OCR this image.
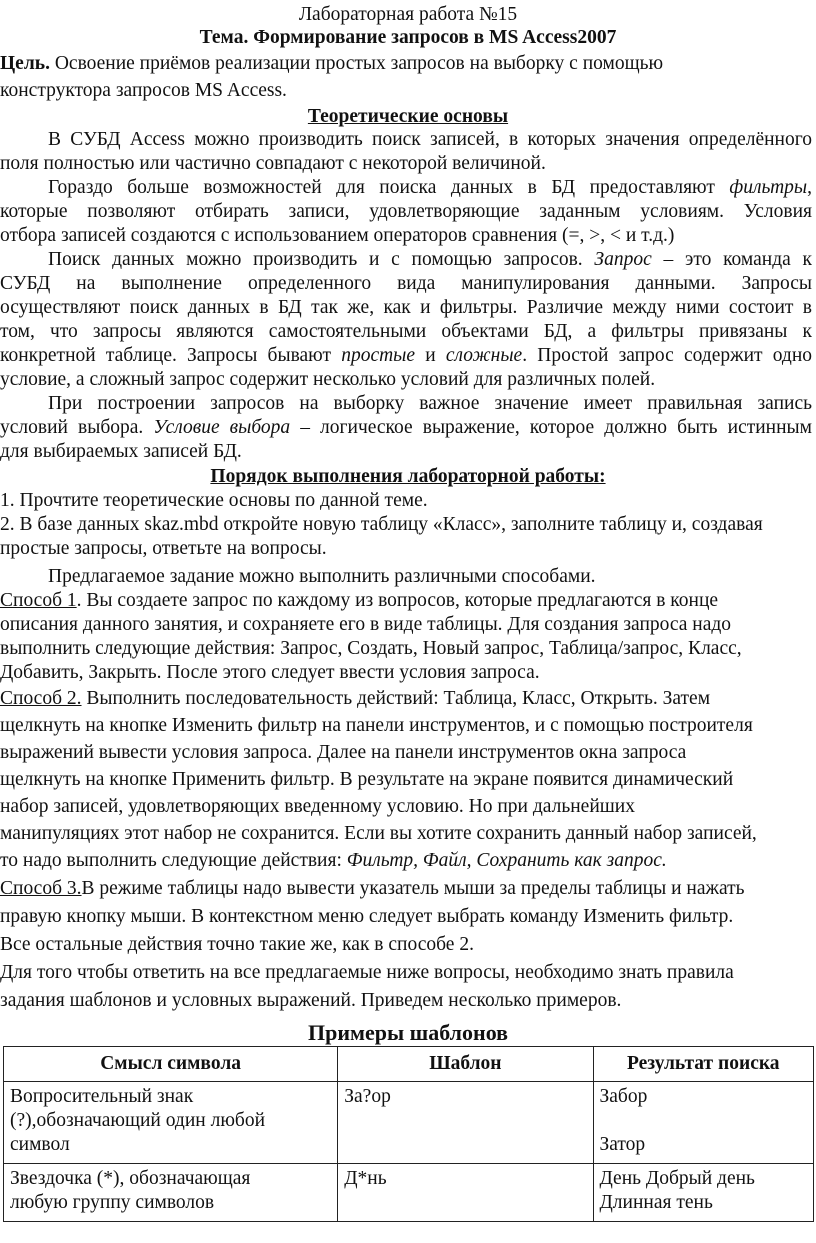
Лабораторная работа №15
Тема. Формирование запросов в MS Access2007
Цель. Освоение приёмов реализации простых запросов на выборку с помощью
конструктора запросов MS Access.
Теоретические основы
В СУБД Access можно производить поиск записей, в которых значения определённого
поля полностью или частично совпадают с некоторой величиной.
Гораздо больше возможностей для поиска данных в БД предоставляют фильтры,
которые позволяют отбирать записи, удовлетворяющие заданным условиям. Условия
отбора записей создаются с использованием операторов сравнения (=, >, < и т.д.)
Поиск данных можно производить и с помощью запросов. Запрос – это команда к
СУБД на выполнение определенного вида манипулирования данными. Запросы
осуществляют поиск данных в БД так же, как и фильтры. Различие между ними состоит в
том, что запросы являются самостоятельными объектами БД, а фильтры привязаны к
конкретной таблице. Запросы бывают простые и сложные. Простой запрос содержит одно
условие, а сложный запрос содержит несколько условий для различных полей.
При построении запросов на выборку важное значение имеет правильная запись
условий выбора. Условие выбора – логическое выражение, которое должно быть истинным
для выбираемых записей БД.
Порядок выполнения лабораторной работы:
1. Прочтите теоретические основы по данной теме.
2. В базе данных skaz.mbd откройте новую таблицу «Класс», заполните таблицу и, создавая
простые запросы, ответьте на вопросы.
Предлагаемое задание можно выполнить различными способами.
Способ 1. Вы создаете запрос по каждому из вопросов, которые предлагаются в конце
описания данного занятия, и сохраняете его в виде таблицы. Для создания запроса надо
выполнить следующие действия: Запрос, Создать, Новый запрос, Таблица/запрос, Класс,
Добавить, Закрыть. После этого следует ввести условия запроса.
Способ 2. Выполнить последовательность действий: Таблица, Класс, Открыть. Затем
щелкнуть на кнопке Изменить фильтр на панели инструментов, и с помощью построителя
выражений вывести условия запроса. Далее на панели инструментов окна запроса
щелкнуть на кнопке Применить фильтр. В результате на экране появится динамический
набор записей, удовлетворяющих введенному условию. Но при дальнейших
манипуляциях этот набор не сохранится. Если вы хотите сохранить данный набор записей,
то надо выполнить следующие действия: Фильтр, Файл, Сохранить как запрос.
Способ 3.В режиме таблицы надо вывести указатель мыши за пределы таблицы и нажать
правую кнопку мыши. В контекстном меню следует выбрать команду Изменить фильтр.
Все остальные действия точно такие же, как в способе 2.
Для того чтобы ответить на все предлагаемые ниже вопросы, необходимо знать правила
задания шаблонов и условных выражений. Приведем несколько примеров.
Примеры шаблонов
Смысл символа	Шаблон	Результат поиска

Вопросительный знак
(?),обозначающий один любой
символ	За?ор	Забор
Затор

Звездочка (*), обозначающая
любую группу символов	Д*нь	День Добрый день
Длинная тень
